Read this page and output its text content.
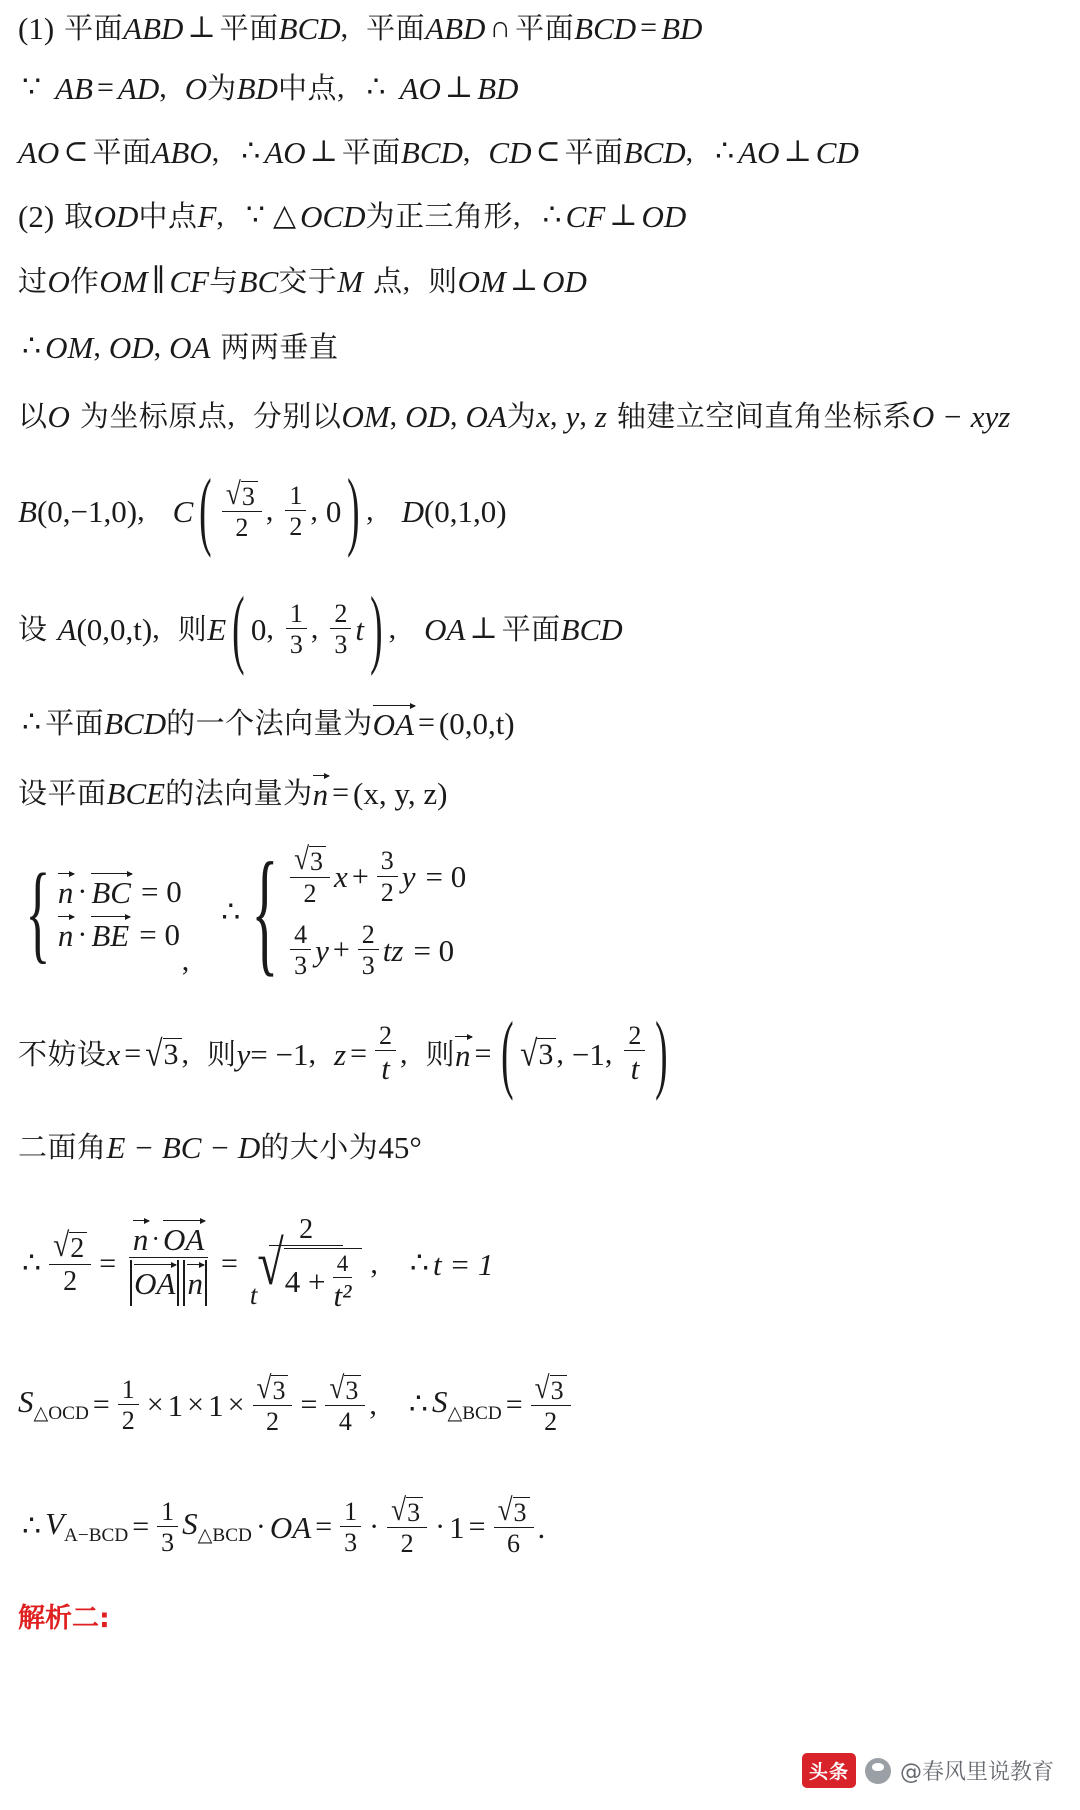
(1) 平面 ABD ⊥ 平面 BCD , 平面 ABD ∩ 平面 BCD = BD
∵ AB = AD , O 为 BD 中点 , ∴ AO ⊥ BD
AO ⊂ 平面 ABO , ∴ AO ⊥ 平面 BCD , CD ⊂ 平面 BCD , ∴ AO ⊥ CD
(2) 取 OD 中点 F , ∵ △ OCD 为正三角形 , ∴ CF ⊥ OD
过 O 作 OM ∥ CF 与 BC 交于 M 点 , 则 OM ⊥ OD
∴ OM , OD , OA 两两垂直
以 O 为坐标原点 , 分别以 OM , OD , OA 为 x , y , z 轴建立空间直角坐标系 O − xyz
B (0,−1,0) , C ( $\frac{√ 3}{2}$ , $\frac{1}{2}$ , 0 ) , D (0,1,0)
设 A (0,0,t) , 则 E ( 0 , $\frac{1}{3}$ , $\frac{2}{3}$ t ) , OA ⊥ 平面 BCD
∴ 平面 BCD 的一个法向量为 OA = (0,0,t)
设平面 BCE 的法向量为 n = (x, y, z)
{ n · BC = 0
n · BE = 0
,
∴ { $\frac{√ 3}{2}$ $x + \frac{3}{2}$ y = 0
$\frac{4}{3}$ $y + \frac{2}{3}$ tz = 0
不妨设 x = √ 3 , 则 y = −1 , $z = \frac{2}{t}$ , 则 n = ( √ 3 , −1 , $\frac{2}{t}$ )
二面角 E − BC − D 的大小为 45°
∴ $\frac{√ 2}{2} = \frac{n \cdot OA}{\text{OA n}}$ =
2
t √ $4 + \frac{4}{\text{t²}}$ , ∴ t = 1
$S_{\triangle OCD} = \frac{1}{2} \times 1 \times 1 \times \frac{√ 3}{2} = \frac{√ 3}{4}$ , ∴ $S_{\triangle BCD} = \frac{√ 3}{2}$
∴ $V_{A-BCD} = \frac{1}{3} S_{\triangle BCD}$ · OA = $\frac{1}{3} \cdot \frac{√ 3}{2} \cdot 1 = \frac{√ 3}{6}$ .
解析二:
头条	@春风里说教育
